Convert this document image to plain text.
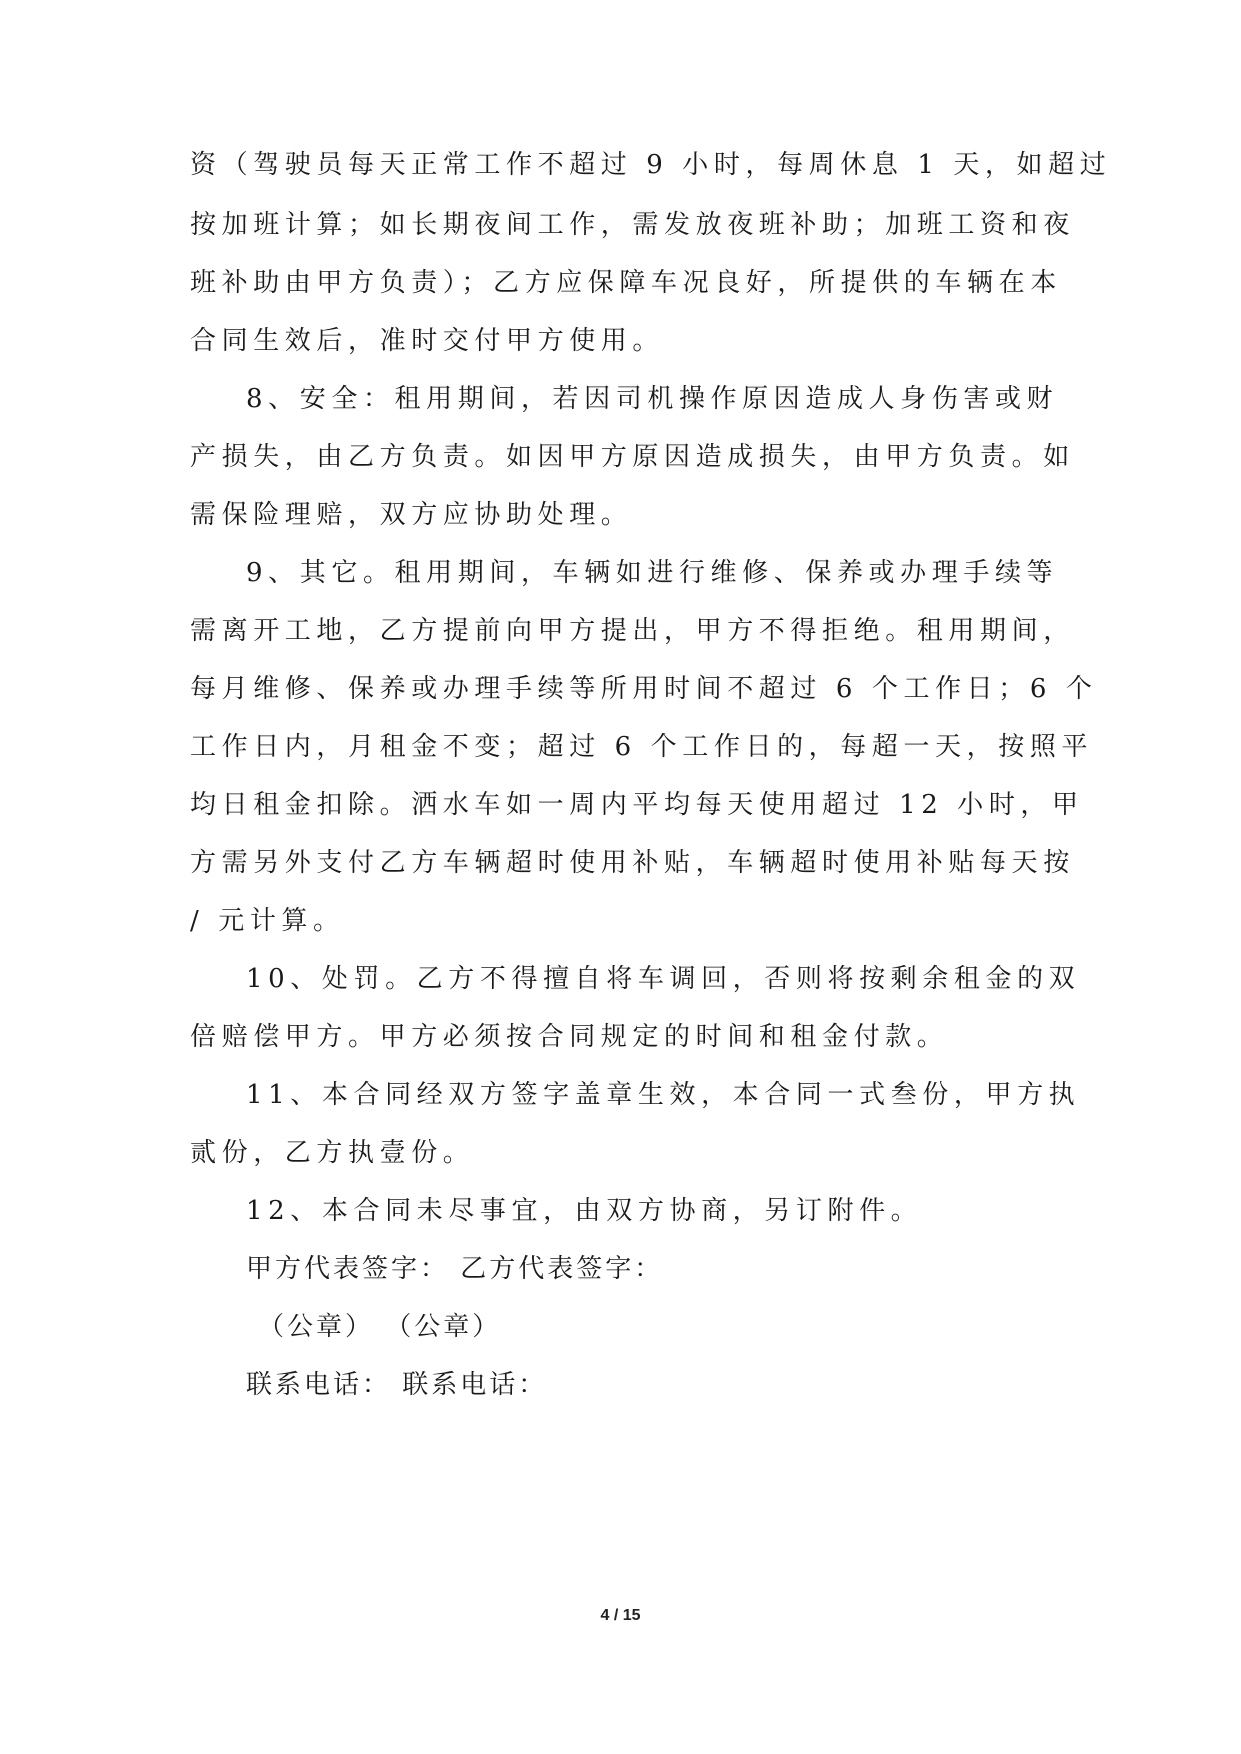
资（驾驶员每天正常工作不超过 9 小时，每周休息 1 天，如超过
按加班计算；如长期夜间工作，需发放夜班补助；加班工资和夜
班补助由甲方负责）；乙方应保障车况良好，所提供的车辆在本
合同生效后，准时交付甲方使用。
8、安全：租用期间，若因司机操作原因造成人身伤害或财
产损失，由乙方负责。如因甲方原因造成损失，由甲方负责。如
需保险理赔，双方应协助处理。
9、其它。租用期间，车辆如进行维修、保养或办理手续等
需离开工地，乙方提前向甲方提出，甲方不得拒绝。租用期间，
每月维修、保养或办理手续等所用时间不超过 6 个工作日；6 个
工作日内，月租金不变；超过 6 个工作日的，每超一天，按照平
均日租金扣除。洒水车如一周内平均每天使用超过 12 小时，甲
方需另外支付乙方车辆超时使用补贴，车辆超时使用补贴每天按
/ 元计算。
10、处罚。乙方不得擅自将车调回，否则将按剩余租金的双
倍赔偿甲方。甲方必须按合同规定的时间和租金付款。
11、本合同经双方签字盖章生效，本合同一式叁份，甲方执
贰份，乙方执壹份。
12、本合同未尽事宜，由双方协商，另订附件。
甲方代表签字： 乙方代表签字：
（公章） （公章）
联系电话： 联系电话：
4 / 15
